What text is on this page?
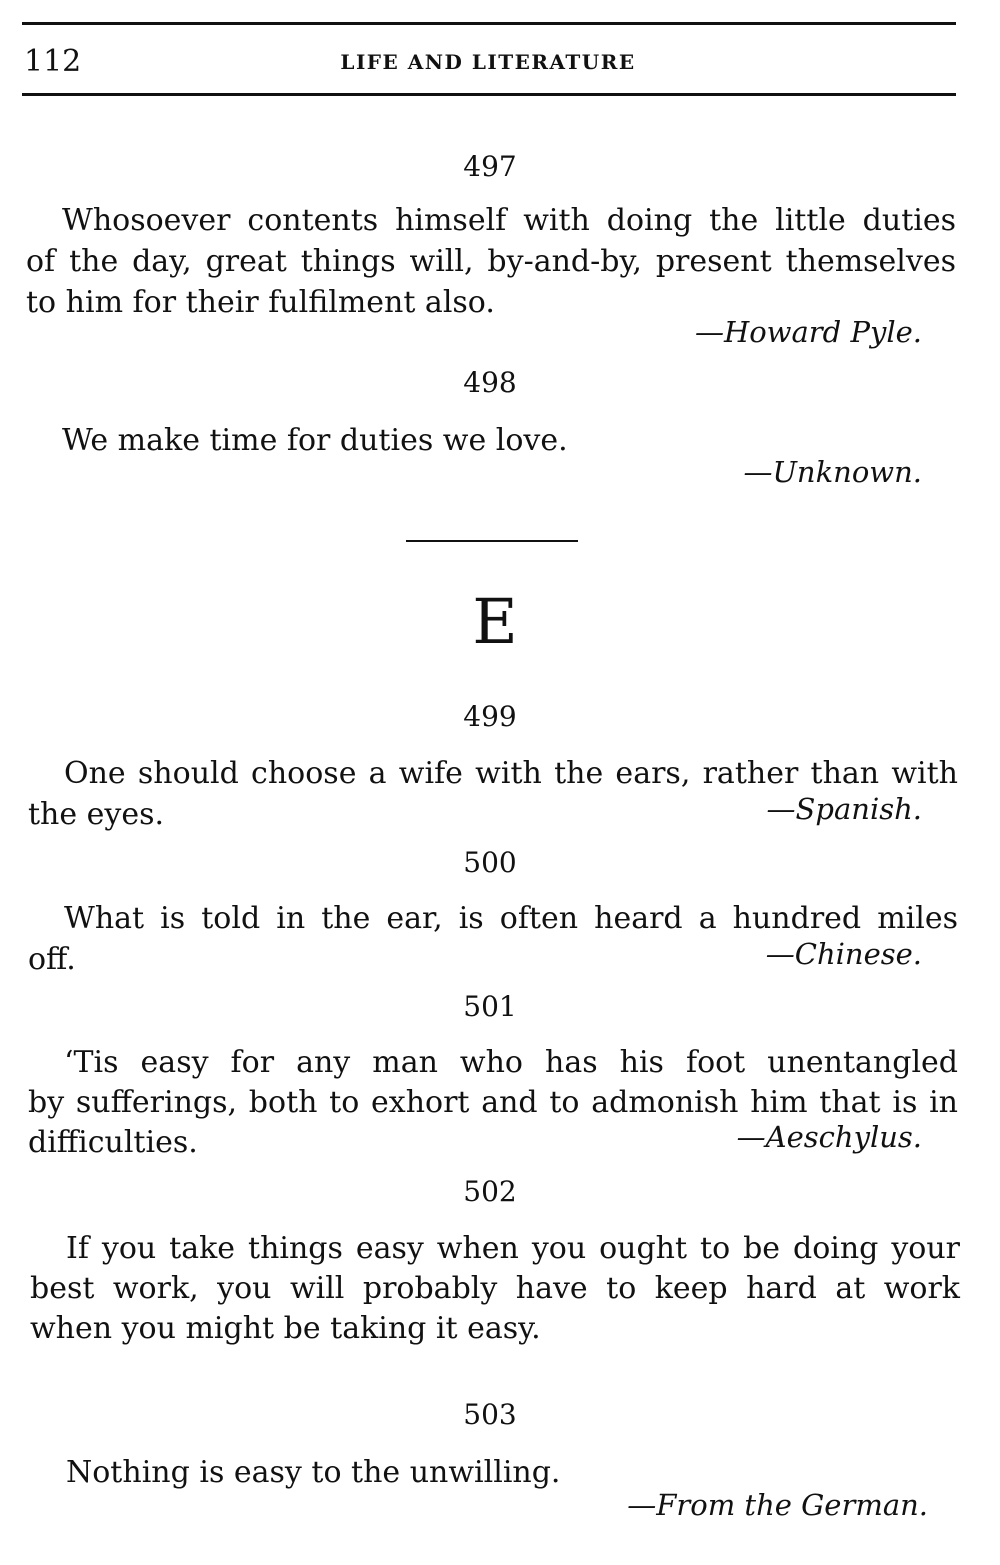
112	LIFE AND LITERATURE
497
Whosoever contents himself with doing the little duties
of the day, great things will, by-and-by, present themselves
to him for their fulfilment also.
—Howard Pyle.
498
We make time for duties we love.
—Unknown.
E
499
One should choose a wife with the ears, rather than with
the eyes.	—Spanish.
500
What is told in the ear, is often heard a hundred miles
off.	—Chinese.
501
‘Tis easy for any man who has his foot unentangled
by sufferings, both to exhort and to admonish him that is in
difficulties.	—Aeschylus.
502
If you take things easy when you ought to be doing your
best work, you will probably have to keep hard at work
when you might be taking it easy.
503
Nothing is easy to the unwilling.
—From the German.
